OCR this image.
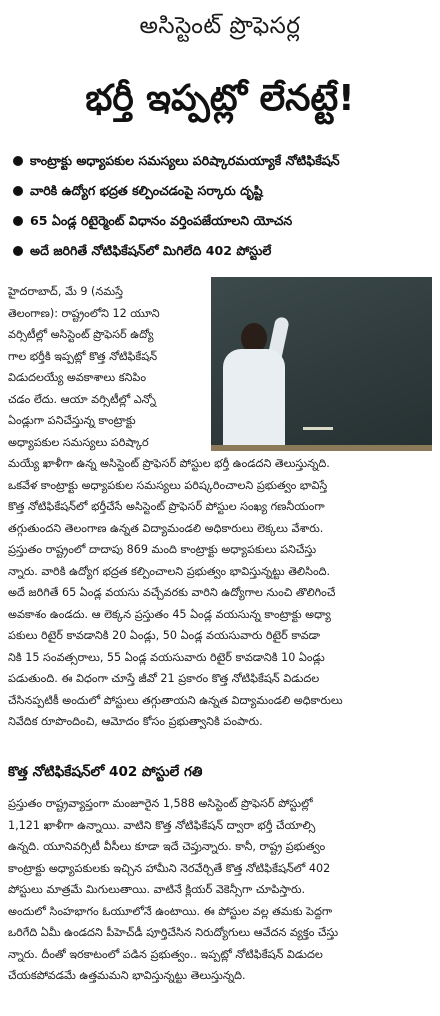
అసిస్టెంట్ ప్రొఫెసర్ల
భర్తీ ఇప్పట్లో లేనట్టే!
కాంట్రాక్టు అధ్యాపకుల సమస్యలు పరిష్కారమయ్యాకే నోటిఫికేషన్
వారికి ఉద్యోగ భద్రత కల్పించడంపై సర్కారు దృష్టి
65 ఏండ్ల రిటైర్మెంట్ విధానం వర్తింపజేయాలని యోచన
అదే జరిగితే నోటిఫికేషన్‌లో మిగిలేది 402 పోస్టులే
హైదరాబాద్, మే 9 (నమస్తే
తెలంగాణ): రాష్ట్రంలోని 12 యూని
వర్సిటీల్లో అసిస్టెంట్ ప్రొఫెసర్ ఉద్యో
గాల భర్తీకి ఇప్పట్లో కొత్త నోటిఫికేషన్
విడుదలయ్యే అవకాశాలు కనిపిం
చడం లేదు. ఆయా వర్సిటీల్లో ఎన్నో
ఏండ్లుగా పనిచేస్తున్న కాంట్రాక్టు
అధ్యాపకుల సమస్యలు పరిష్కార
మయ్యే ఖాళీగా ఉన్న అసిస్టెంట్ ప్రొఫెసర్ పోస్టుల భర్తీ ఉండదని తెలుస్తున్నది.
ఒకవేళ కాంట్రాక్టు అధ్యాపకుల సమస్యలు పరిష్కరించాలని ప్రభుత్వం భావిస్తే
కొత్త నోటిఫికేషన్‌లో భర్తీచేసే అసిస్టెంట్ ప్రొఫెసర్ పోస్టుల సంఖ్య గణనీయంగా
తగ్గుతుందని తెలంగాణ ఉన్నత విద్యామండలి అధికారులు లెక్కలు వేశారు.
ప్రస్తుతం రాష్ట్రంలో దాదాపు 869 మంది కాంట్రాక్టు అధ్యాపకులు పనిచేస్తు
న్నారు. వారికి ఉద్యోగ భద్రత కల్పించాలని ప్రభుత్వం భావిస్తున్నట్టు తెలిసింది.
అదే జరిగితే 65 ఏండ్ల వయసు వచ్చేవరకు వారిని ఉద్యోగాల నుంచి తొలిగించే
అవకాశం ఉండదు. ఆ లెక్కన ప్రస్తుతం 45 ఏండ్ల వయసున్న కాంట్రాక్టు అధ్యా
పకులు రిటైర్ కావడానికి 20 ఏండ్లు, 50 ఏండ్ల వయసువారు రిటైర్ కావడా
నికి 15 సంవత్సరాలు, 55 ఏండ్ల వయసువారు రిటైర్ కావడానికి 10 ఏండ్లు
పడుతుంది. ఈ విధంగా చూస్తే జీవో 21 ప్రకారం కొత్త నోటిఫికేషన్ విడుదల
చేసినప్పటికీ అందులో పోస్టులు తగ్గుతాయని ఉన్నత విద్యామండలి అధికారులు
నివేదిక రూపొందించి, ఆమోదం కోసం ప్రభుత్వానికి పంపారు.
కొత్త నోటిఫికేషన్‌లో 402 పోస్టులే గతి
ప్రస్తుతం రాష్ట్రవ్యాప్తంగా మంజూరైన 1,588 అసిస్టెంట్ ప్రొఫెసర్ పోస్టుల్లో
1,121 ఖాళీగా ఉన్నాయి. వాటిని కొత్త నోటిఫికేషన్ ద్వారా భర్తీ చేయాల్సి
ఉన్నది. యూనివర్సిటీ వీసీలు కూడా ఇదే చెప్తున్నారు. కానీ, రాష్ట్ర ప్రభుత్వం
కాంట్రాక్టు అధ్యాపకులకు ఇచ్చిన హామీని నెరవేర్చితే కొత్త నోటిఫికేషన్‌లో 402
పోస్టులు మాత్రమే మిగులుతాయి. వాటినే క్లియర్ వెకెన్సీగా చూపిస్తారు.
అందులో సింహభాగం ఓయూలోనే ఉంటాయి. ఈ పోస్టుల వల్ల తమకు పెద్దగా
ఒరిగేది ఏమీ ఉండదని పీహెచ్‌డీ పూర్తిచేసిన నిరుద్యోగులు ఆవేదన వ్యక్తం చేస్తు
న్నారు. దీంతో ఇరకాటంలో పడిన ప్రభుత్వం.. ఇప్పట్లో నోటిఫికేషన్ విడుదల
చేయకపోవడమే ఉత్తమమని భావిస్తున్నట్టు తెలుస్తున్నది.
